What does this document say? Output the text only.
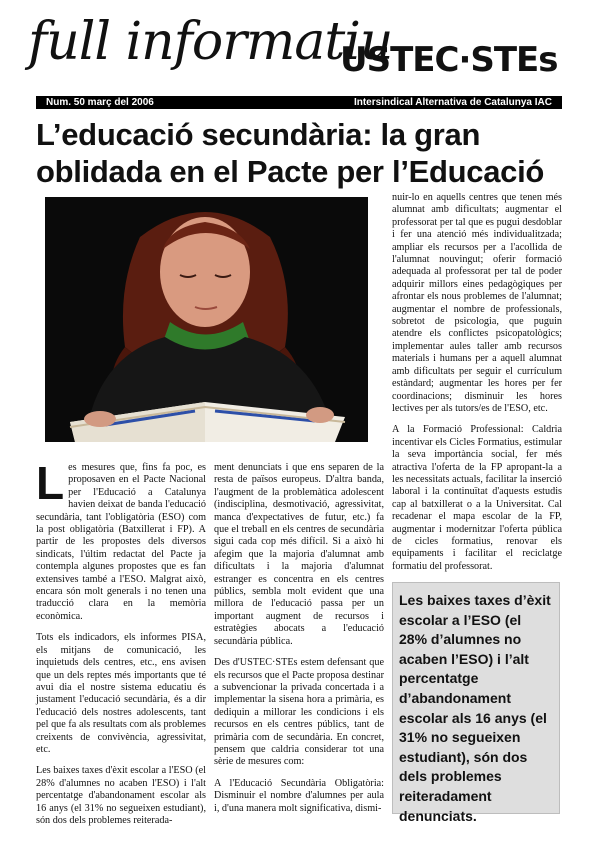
full informatiu
USTEC·STEs
Num. 50 març del 2006	Intersindical Alternativa de Catalunya IAC
L’educació secundària: la gran oblidada en el Pacte per l’Educació

Les mesures que, fins fa poc, es proposaven en el Pacte Nacional per l'Educació a Catalunya havien deixat de banda l'educació secundària, tant l'obligatòria (ESO) com la post obligatòria (Batxillerat i FP). A partir de les propostes dels diversos sindicats, l'últim redactat del Pacte ja contempla algunes propostes que es fan extensives també a l'ESO. Malgrat això, encara són molt generals i no tenen una traducció clara en la memòria econòmica.

Tots els indicadors, els informes PISA, els mitjans de comunicació, les inquietuds dels centres, etc., ens avisen que un dels reptes més importants que té avui dia el nostre sistema educatiu és justament l'educació secundària, és a dir l'educació dels nostres adolescents, tant pel que fa als resultats com als problemes creixents de convivència, agressivitat, etc.

Les baixes taxes d'èxit escolar a l'ESO (el 28% d'alumnes no acaben l'ESO) i l'alt percentatge d'abandonament escolar als 16 anys (el 31% no segueixen estudiant), són dos dels problemes reiterada-

ment denunciats i que ens separen de la resta de països europeus. D'altra banda, l'augment de la problemàtica adolescent (indisciplina, desmotivació, agressivitat, manca d'expectatives de futur, etc.) fa que el treball en els centres de secundària sigui cada cop més difícil. Si a això hi afegim que la majoria d'alumnat amb dificultats i la majoria d'alumnat estranger es concentra en els centres públics, sembla molt evident que una millora de l'educació passa per un important augment de recursos i estratègies abocats a l'educació secundària pública.

Des d'USTEC·STEs estem defensant que els recursos que el Pacte proposa destinar a subvencionar la privada concertada i a implementar la sisena hora a primària, es dediquin a millorar les condicions i els recursos en els centres públics, tant de primària com de secundària. En concret, pensem que caldria considerar tot una sèrie de mesures com:

A l'Educació Secundària Obligatòria: Disminuir el nombre d'alumnes per aula i, d'una manera molt significativa, dismi-

nuir-lo en aquells centres que tenen més alumnat amb dificultats; augmentar el professorat per tal que es pugui desdoblar i fer una atenció més individualitzada; ampliar els recursos per a l'acollida de l'alumnat nouvingut; oferir formació adequada al professorat per tal de poder adquirir millors eines pedagògiques per afrontar els nous problemes de l'alumnat; augmentar el nombre de professionals, sobretot de psicologia, que puguin atendre els conflictes psicopatològics; implementar aules taller amb recursos materials i humans per a aquell alumnat amb dificultats per seguir el currículum estàndard; augmentar les hores per fer coordinacions; disminuir les hores lectives per als tutors/es de l'ESO, etc.

A la Formació Professional: Caldria incentivar els Cicles Formatius, estimular la seva importància social, fer més atractiva l'oferta de la FP apropant-la a les necessitats actuals, facilitar la inserció laboral i la continuïtat d'aquests estudis cap al batxillerat o a la Universitat. Cal recadenar el mapa escolar de la FP, augmentar i modernitzar l'oferta pública de cicles formatius, renovar els equipaments i facilitar el reciclatge formatiu del professorat.

Les baixes taxes d’èxit escolar a l’ESO (el 28% d’alumnes no acaben l’ESO) i l’alt percentatge d’abandonament escolar als 16 anys (el 31% no segueixen estudiant), són dos dels problemes reiteradament denunciats.
